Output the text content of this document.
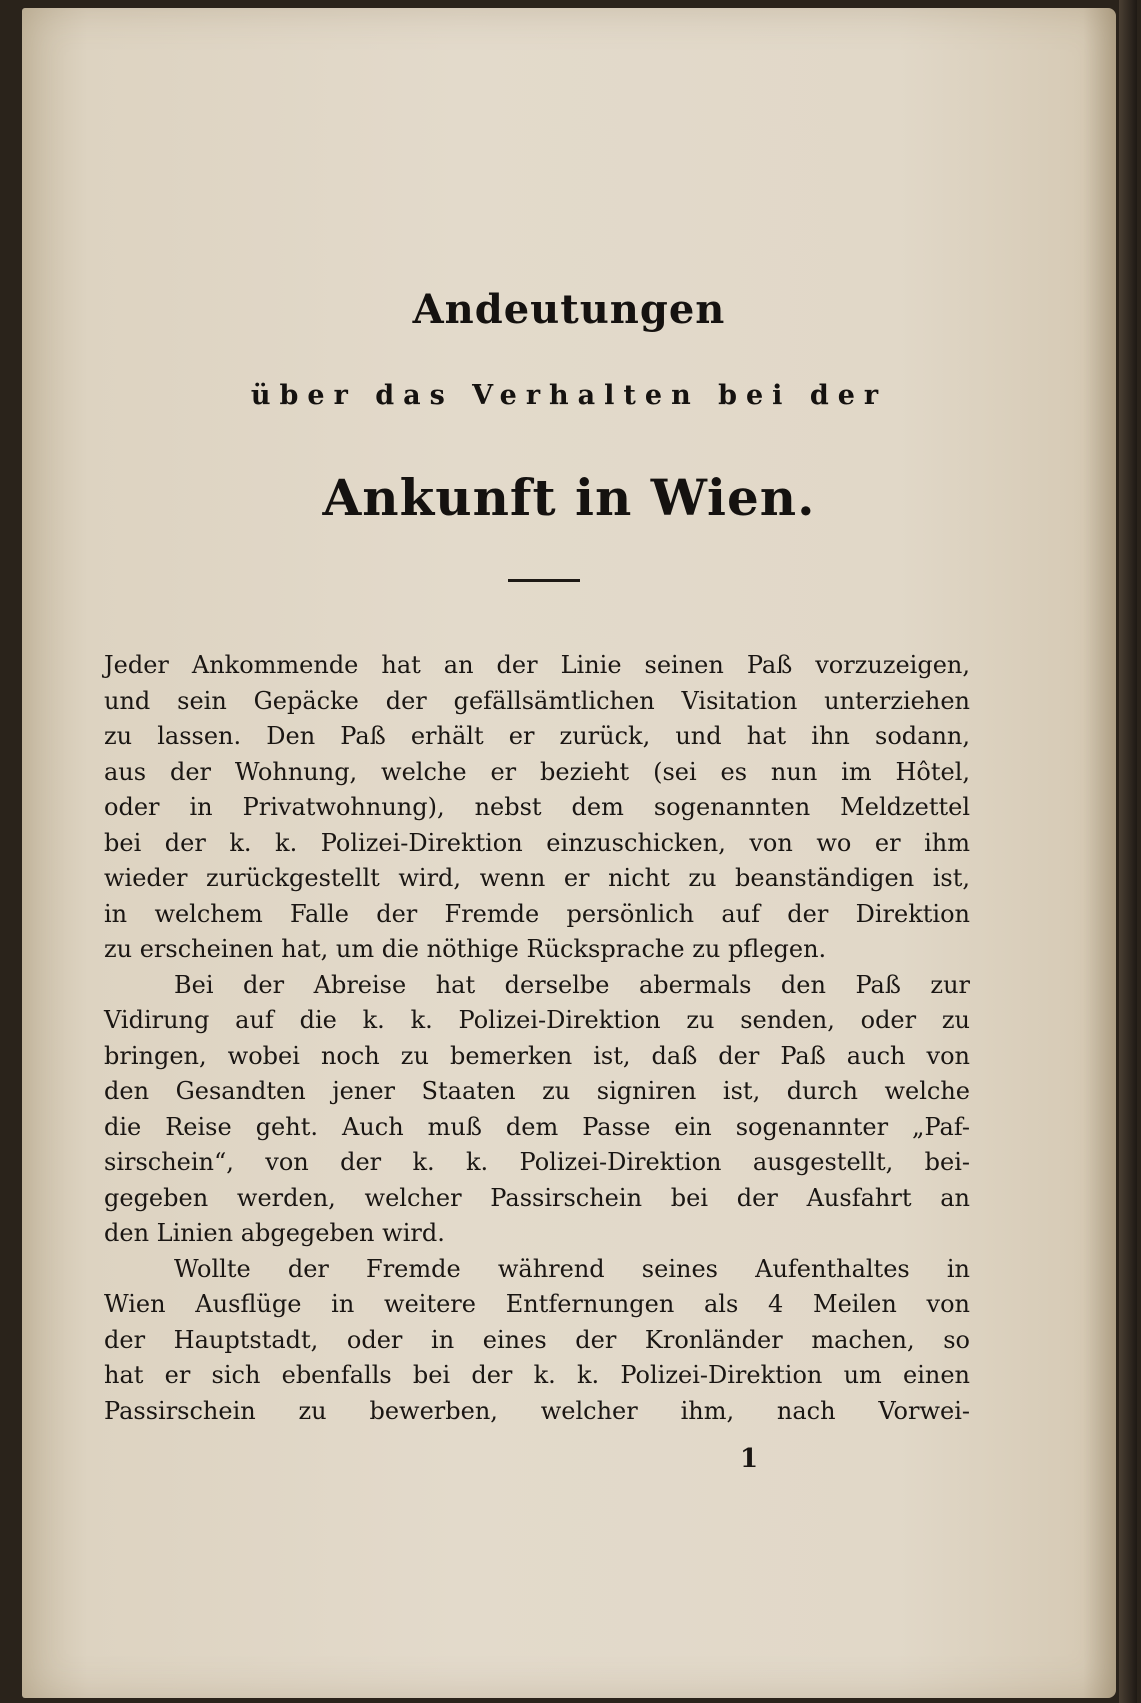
Andeutungen
über das Verhalten bei der
Ankunft in Wien.
Jeder Ankommende hat an der Linie seinen Paß vorzuzeigen,
und sein Gepäcke der gefällsämtlichen Visitation unterziehen
zu lassen. Den Paß erhält er zurück, und hat ihn sodann,
aus der Wohnung, welche er bezieht (sei es nun im Hôtel,
oder in Privatwohnung), nebst dem sogenannten Meldzettel
bei der k. k. Polizei-Direktion einzuschicken, von wo er ihm
wieder zurückgestellt wird, wenn er nicht zu beanständigen ist,
in welchem Falle der Fremde persönlich auf der Direktion
zu erscheinen hat, um die nöthige Rücksprache zu pflegen.
Bei der Abreise hat derselbe abermals den Paß zur
Vidirung auf die k. k. Polizei-Direktion zu senden, oder zu
bringen, wobei noch zu bemerken ist, daß der Paß auch von
den Gesandten jener Staaten zu signiren ist, durch welche
die Reise geht. Auch muß dem Passe ein sogenannter „Paf-
sirschein“, von der k. k. Polizei-Direktion ausgestellt, bei-
gegeben werden, welcher Passirschein bei der Ausfahrt an
den Linien abgegeben wird.
Wollte der Fremde während seines Aufenthaltes in
Wien Ausflüge in weitere Entfernungen als 4 Meilen von
der Hauptstadt, oder in eines der Kronländer machen, so
hat er sich ebenfalls bei der k. k. Polizei-Direktion um einen
Passirschein zu bewerben, welcher ihm, nach Vorwei-
1
